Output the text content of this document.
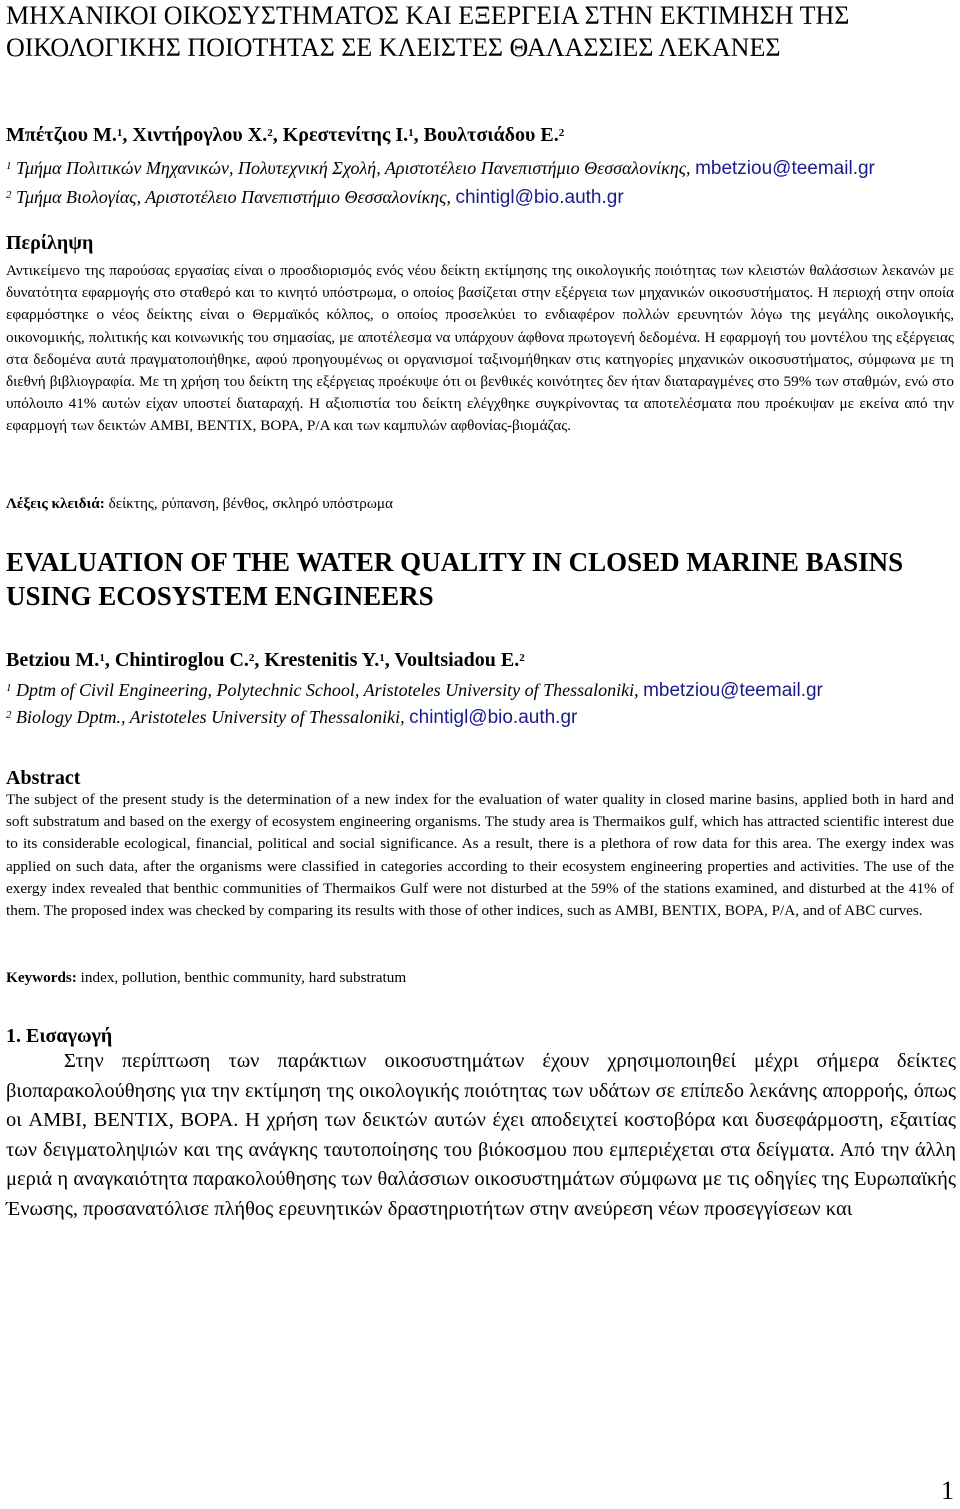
ΜΗΧΑΝΙΚΟΙ ΟΙΚΟΣΥΣΤΗΜΑΤΟΣ ΚΑΙ ΕΞΕΡΓΕΙΑ ΣΤΗΝ ΕΚΤΙΜΗΣΗ ΤΗΣ ΟΙΚΟΛΟΓΙΚΗΣ ΠΟΙΟΤΗΤΑΣ ΣΕ ΚΛΕΙΣΤΕΣ ΘΑΛΑΣΣΙΕΣ ΛΕΚΑΝΕΣ
Μπέτζιου Μ.$^1$, Χιντήρογλου Χ.$^2$, Κρεστενίτης Ι.$^1$, Βουλτσιάδου Ε.$^2$
$^1$ Τμήμα Πολιτικών Μηχανικών, Πολυτεχνική Σχολή, Αριστοτέλειο Πανεπιστήμιο Θεσσαλονίκης, mbetziou@teemail.gr
$^2$ Τμήμα Βιολογίας, Αριστοτέλειο Πανεπιστήμιο Θεσσαλονίκης, chintigl@bio.auth.gr
Περίληψη
Αντικείμενο της παρούσας εργασίας είναι ο προσδιορισμός ενός νέου δείκτη εκτίμησης της οικολογικής ποιότητας των κλειστών θαλάσσιων λεκανών με δυνατότητα εφαρμογής στο σταθερό και το κινητό υπόστρωμα, ο οποίος βασίζεται στην εξέργεια των μηχανικών οικοσυστήματος. Η περιοχή στην οποία εφαρμόστηκε ο νέος δείκτης είναι ο Θερμαϊκός κόλπος, ο οποίος προσελκύει το ενδιαφέρον πολλών ερευνητών λόγω της μεγάλης οικολογικής, οικονομικής, πολιτικής και κοινωνικής του σημασίας, με αποτέλεσμα να υπάρχουν άφθονα πρωτογενή δεδομένα. Η εφαρμογή του μοντέλου της εξέργειας στα δεδομένα αυτά πραγματοποιήθηκε, αφού προηγουμένως οι οργανισμοί ταξινομήθηκαν στις κατηγορίες μηχανικών οικοσυστήματος, σύμφωνα με τη διεθνή βιβλιογραφία. Με τη χρήση του δείκτη της εξέργειας προέκυψε ότι οι βενθικές κοινότητες δεν ήταν διαταραγμένες στο 59% των σταθμών, ενώ στο υπόλοιπο 41% αυτών είχαν υποστεί διαταραχή. Η αξιοπιστία του δείκτη ελέγχθηκε συγκρίνοντας τα αποτελέσματα που προέκυψαν με εκείνα από την εφαρμογή των δεικτών AMBI, BENTIX, BOPA, P/A και των καμπυλών αφθονίας-βιομάζας.
Λέξεις κλειδιά: δείκτης, ρύπανση, βένθος, σκληρό υπόστρωμα
EVALUATION OF THE WATER QUALITY IN CLOSED MARINE BASINS USING ECOSYSTEM ENGINEERS
Betziou M.$^1$, Chintiroglou C.$^2$, Krestenitis Y.$^1$, Voultsiadou E.$^2$
$^1$ Dptm of Civil Engineering, Polytechnic School, Aristoteles University of Thessaloniki, mbetziou@teemail.gr
$^2$ Biology Dptm., Aristoteles University of Thessaloniki, chintigl@bio.auth.gr
Abstract
The subject of the present study is the determination of a new index for the evaluation of water quality in closed marine basins, applied both in hard and soft substratum and based on the exergy of ecosystem engineering organisms. The study area is Thermaikos gulf, which has attracted scientific interest due to its considerable ecological, financial, political and social significance. As a result, there is a plethora of row data for this area. The exergy index was applied on such data, after the organisms were classified in categories according to their ecosystem engineering properties and activities. The use of the exergy index revealed that benthic communities of Thermaikos Gulf were not disturbed at the 59% of the stations examined, and disturbed at the 41% of them. The proposed index was checked by comparing its results with those of other indices, such as AMBI, BENTIX, BOPA, P/A, and of ABC curves.
Keywords: index, pollution, benthic community, hard substratum
1. Εισαγωγή
Στην περίπτωση των παράκτιων οικοσυστημάτων έχουν χρησιμοποιηθεί μέχρι σήμερα δείκτες βιοπαρακολούθησης για την εκτίμηση της οικολογικής ποιότητας των υδάτων σε επίπεδο λεκάνης απορροής, όπως οι AMBI, BENTIX, BOPA. Η χρήση των δεικτών αυτών έχει αποδειχτεί κοστοβόρα και δυσεφάρμοστη, εξαιτίας των δειγματοληψιών και της ανάγκης ταυτοποίησης του βιόκοσμου που εμπεριέχεται στα δείγματα. Από την άλλη μεριά η αναγκαιότητα παρακολούθησης των θαλάσσιων οικοσυστημάτων σύμφωνα με τις οδηγίες της Ευρωπαϊκής Ένωσης, προσανατόλισε πλήθος ερευνητικών δραστηριοτήτων στην ανεύρεση νέων προσεγγίσεων και
1
